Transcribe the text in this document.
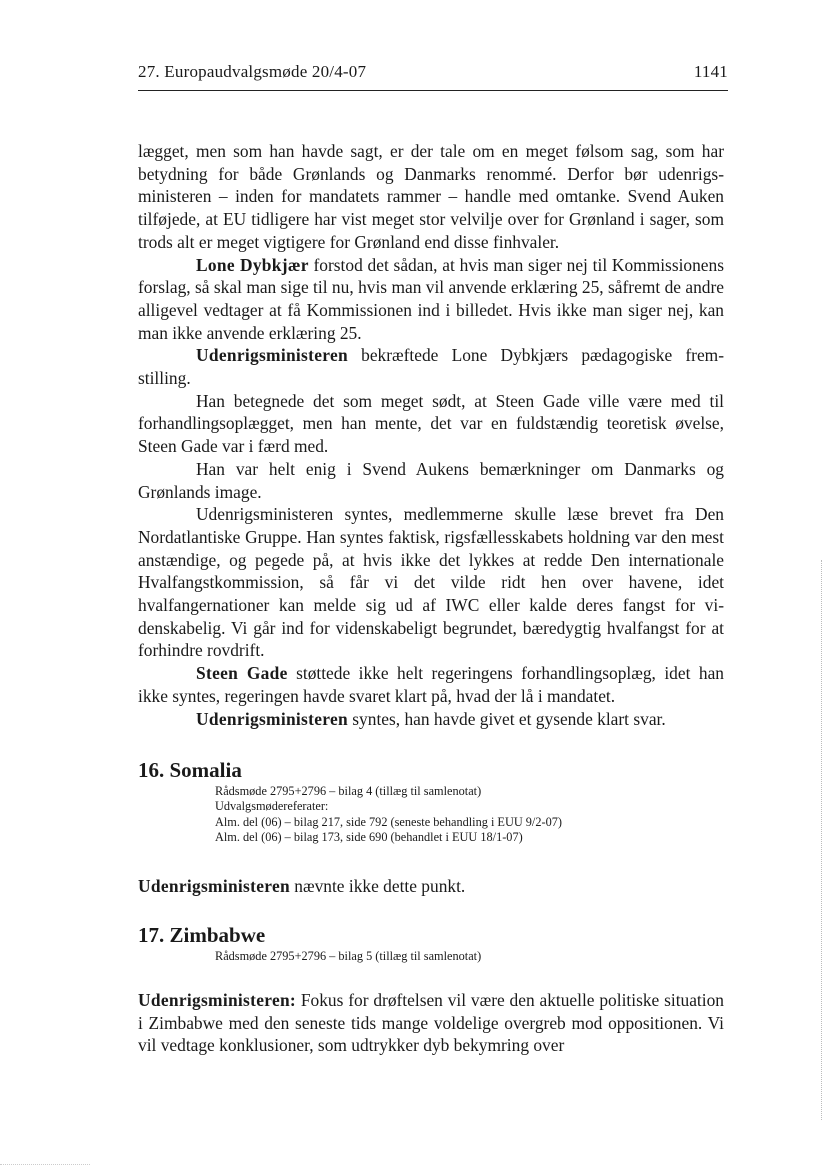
27. Europaudvalgsmøde 20/4-07	1141

lægget, men som han havde sagt, er der tale om en meget følsom sag, som har betydning for både Grønlands og Danmarks renommé. Derfor bør udenrigsministeren – inden for mandatets rammer – handle med omtanke. Svend Auken tilføjede, at EU tidligere har vist meget stor velvilje over for Grønland i sager, som trods alt er meget vigtigere for Grønland end disse finhvaler.

Lone Dybkjær forstod det sådan, at hvis man siger nej til Kommissionens forslag, så skal man sige til nu, hvis man vil anvende erklæring 25, såfremt de andre alligevel vedtager at få Kommissionen ind i billedet. Hvis ikke man siger nej, kan man ikke anvende erklæring 25.

Udenrigsministeren bekræftede Lone Dybkjærs pædagogiske fremstilling.

Han betegnede det som meget sødt, at Steen Gade ville være med til forhandlingsoplægget, men han mente, det var en fuldstændig teoretisk øvelse, Steen Gade var i færd med.

Han var helt enig i Svend Aukens bemærkninger om Danmarks og Grønlands image.

Udenrigsministeren syntes, medlemmerne skulle læse brevet fra Den Nordatlantiske Gruppe. Han syntes faktisk, rigsfællesskabets holdning var den mest anstændige, og pegede på, at hvis ikke det lykkes at redde Den internationale Hvalfangstkommission, så får vi det vilde ridt hen over havene, idet hvalfangernationer kan melde sig ud af IWC eller kalde deres fangst for videnskabelig. Vi går ind for videnskabeligt begrundet, bæredygtig hvalfangst for at forhindre rovdrift.

Steen Gade støttede ikke helt regeringens forhandlingsoplæg, idet han ikke syntes, regeringen havde svaret klart på, hvad der lå i mandatet.

Udenrigsministeren syntes, han havde givet et gysende klart svar.

16. Somalia
Rådsmøde 2795+2796 – bilag 4 (tillæg til samlenotat)
Udvalgsmødereferater:
Alm. del (06) – bilag 217, side 792 (seneste behandling i EUU 9/2-07)
Alm. del (06) – bilag 173, side 690 (behandlet i EUU 18/1-07)

Udenrigsministeren nævnte ikke dette punkt.

17. Zimbabwe
Rådsmøde 2795+2796 – bilag 5 (tillæg til samlenotat)

Udenrigsministeren: Fokus for drøftelsen vil være den aktuelle politiske situation i Zimbabwe med den seneste tids mange voldelige overgreb mod oppositionen. Vi vil vedtage konklusioner, som udtrykker dyb bekymring over
